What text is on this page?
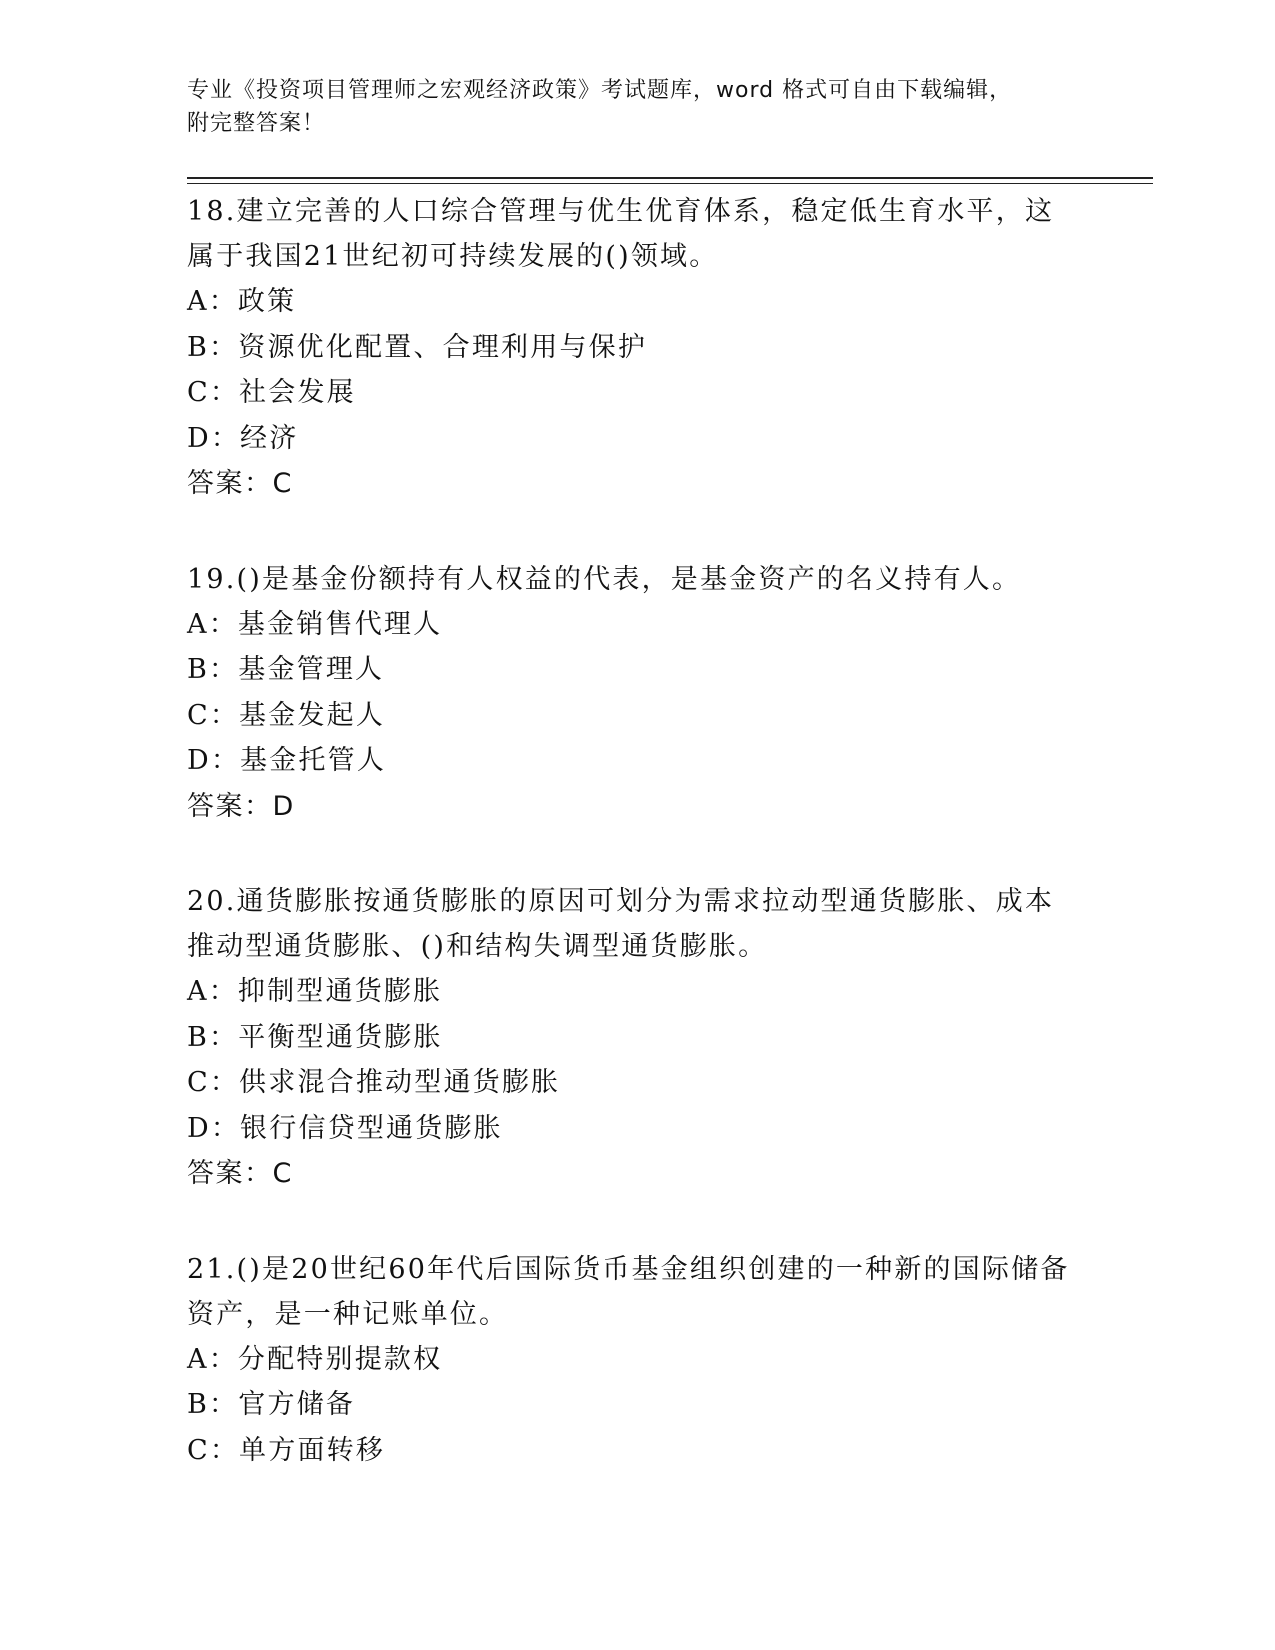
专业《投资项目管理师之宏观经济政策》考试题库，word 格式可自由下载编辑，
附完整答案！

18.建立完善的人口综合管理与优生优育体系，稳定低生育水平，这属于我国21世纪初可持续发展的()领域。

A：政策

B：资源优化配置、合理利用与保护

C：社会发展

D：经济

答案：C

19.()是基金份额持有人权益的代表，是基金资产的名义持有人。

A：基金销售代理人

B：基金管理人

C：基金发起人

D：基金托管人

答案：D

20.通货膨胀按通货膨胀的原因可划分为需求拉动型通货膨胀、成本推动型通货膨胀、()和结构失调型通货膨胀。

A：抑制型通货膨胀

B：平衡型通货膨胀

C：供求混合推动型通货膨胀

D：银行信贷型通货膨胀

答案：C

21.()是20世纪60年代后国际货币基金组织创建的一种新的国际储备资产，是一种记账单位。

A：分配特别提款权

B：官方储备

C：单方面转移
